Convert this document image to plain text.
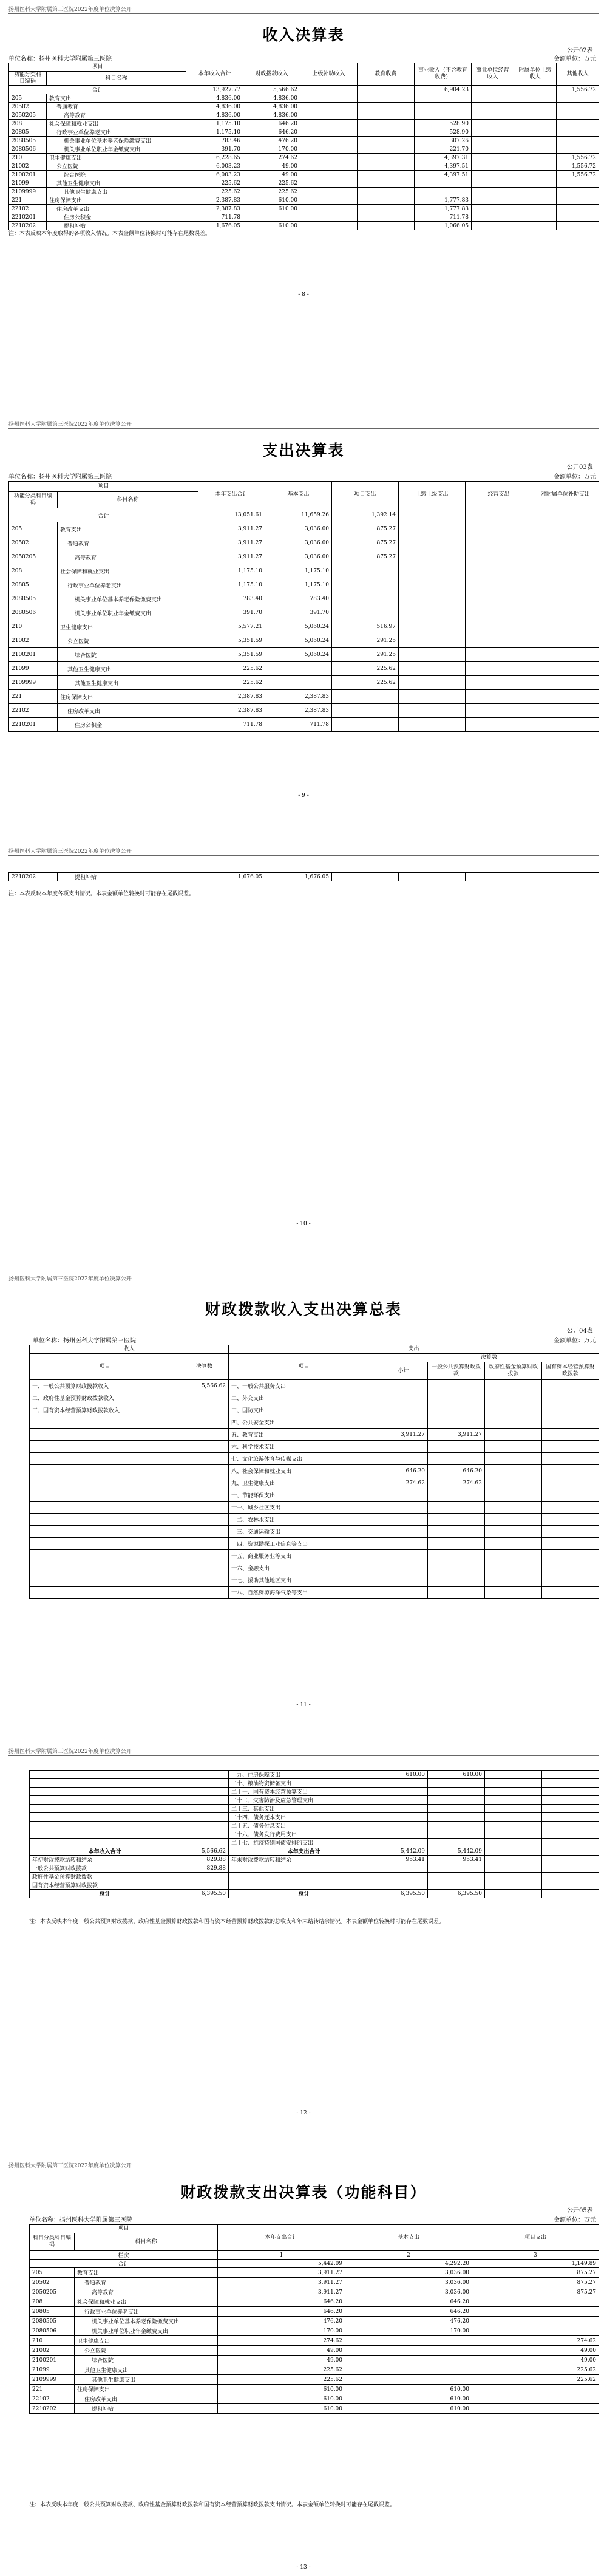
扬州医科大学附属第三医院2022年度单位决算公开
收入决算表
公开02表
单位名称：扬州医科大学附属第三医院	金额单位：万元
项目		本年收入合计	财政拨款收入	上级补助收入	教育收费	事业收入（不含教育收费）	事业单位经营收入	附属单位上缴收入	其他收入
功能分类科目编码	科目名称								
合计		13,927.77	5,566.62			6,904.23			1,556.72
205	教育支出	4,836.00	4,836.00						
20502	普通教育	4,836.00	4,836.00						
2050205	高等教育	4,836.00	4,836.00						
208	社会保障和就业支出	1,175.10	646.20			528.90			
20805	行政事业单位养老支出	1,175.10	646.20			528.90			
2080505	机关事业单位基本养老保险缴费支出	783.46	476.20			307.26			
2080506	机关事业单位职业年金缴费支出	391.70	170.00			221.70			
210	卫生健康支出	6,228.65	274.62			4,397.31			1,556.72
21002	公立医院	6,003.23	49.00			4,397.51			1,556.72
2100201	综合医院	6,003.23	49.00			4,397.51			1,556.72
21099	其他卫生健康支出	225.62	225.62						
2109999	其他卫生健康支出	225.62	225.62						
221	住房保障支出	2,387.83	610.00			1,777.83			
22102	住房改革支出	2,387.83	610.00			1,777.83			
2210201	住房公积金	711.78				711.78			
2210202	提租补贴	1,676.05	610.00			1,066.05			
注：本表反映本年度取得的各项收入情况。本表金额单位转换时可能存在尾数误差。
- 8 -
扬州医科大学附属第三医院2022年度单位决算公开
支出决算表
公开03表
单位名称：扬州医科大学附属第三医院	金额单位：万元
项目		本年支出合计	基本支出	项目支出	上缴上级支出	经营支出	对附属单位补助支出
功能分类科目编码	科目名称						
合计		13,051.61	11,659.26	1,392.14			
205	教育支出	3,911.27	3,036.00	875.27			
20502	普通教育	3,911.27	3,036.00	875.27			
2050205	高等教育	3,911.27	3,036.00	875.27			
208	社会保障和就业支出	1,175.10	1,175.10				
20805	行政事业单位养老支出	1,175.10	1,175.10				
2080505	机关事业单位基本养老保险缴费支出	783.40	783.40				
2080506	机关事业单位职业年金缴费支出	391.70	391.70				
210	卫生健康支出	5,577.21	5,060.24	516.97			
21002	公立医院	5,351.59	5,060.24	291.25			
2100201	综合医院	5,351.59	5,060.24	291.25			
21099	其他卫生健康支出	225.62		225.62			
2109999	其他卫生健康支出	225.62		225.62			
221	住房保障支出	2,387.83	2,387.83				
22102	住房改革支出	2,387.83	2,387.83				
2210201	住房公积金	711.78	711.78				
- 9 -
扬州医科大学附属第三医院2022年度单位决算公开
2210202	提租补贴	1,676.05	1,676.05				
注：本表反映本年度各项支出情况。本表金额单位转换时可能存在尾数误差。
- 10 -
扬州医科大学附属第三医院2022年度单位决算公开
财政拨款收入支出决算总表
公开04表
单位名称：扬州医科大学附属第三医院	金额单位：万元
收入		支出				
项目	决算数	项目	决算数			
			小计	一般公共预算财政拨款	政府性基金预算财政拨款	国有资本经营预算财政拨款
一、一般公共预算财政拨款收入	5,566.62	一、一般公共服务支出				
二、政府性基金预算财政拨款收入		二、外交支出				
三、国有资本经营预算财政拨款收入		三、国防支出				
		四、公共安全支出				
		五、教育支出	3,911.27	3,911.27		
		六、科学技术支出				
		七、文化旅游体育与传媒支出				
		八、社会保障和就业支出	646.20	646.20		
		九、卫生健康支出	274.62	274.62		
		十、节能环保支出				
		十一、城乡社区支出				
		十二、农林水支出				
		十三、交通运输支出				
		十四、资源勘探工业信息等支出				
		十五、商业服务业等支出				
		十六、金融支出				
		十七、援助其他地区支出				
		十八、自然资源海洋气象等支出				
- 11 -
扬州医科大学附属第三医院2022年度单位决算公开
		十九、住房保障支出	610.00	610.00		
		二十、粮油物资储备支出				
		二十一、国有资本经营预算支出				
		二十二、灾害防治及应急管理支出				
		二十三、其他支出				
		二十四、债务还本支出				
		二十五、债务付息支出				
		二十六、债务发行费用支出				
		二十七、抗疫特别国债安排的支出				
本年收入合计	5,566.62	本年支出合计	5,442.09	5,442.09		
年初财政拨款结转和结余	829.88	年末财政拨款结转和结余	953.41	953.41		
一般公共预算财政拨款	829.88					
政府性基金预算财政拨款						
国有资本经营预算财政拨款						
总计	6,395.50	总计	6,395.50	6,395.50		
注：本表反映本年度一般公共预算财政拨款、政府性基金预算财政拨款和国有资本经营预算财政拨款的总收支和年末结转结余情况。本表金额单位转换时可能存在尾数误差。
- 12 -
扬州医科大学附属第三医院2022年度单位决算公开
财政拨款支出决算表（功能科目）
公开05表
单位名称：扬州医科大学附属第三医院	金额单位：万元
项目		本年支出合计	基本支出	项目支出
科目分类科目编码	科目名称			
栏次		1	2	3
合计		5,442.09	4,292.20	1,149.89
205	教育支出	3,911.27	3,036.00	875.27
20502	普通教育	3,911.27	3,036.00	875.27
2050205	高等教育	3,911.27	3,036.00	875.27
208	社会保障和就业支出	646.20	646.20	
20805	行政事业单位养老支出	646.20	646.20	
2080505	机关事业单位基本养老保险缴费支出	476.20	476.20	
2080506	机关事业单位职业年金缴费支出	170.00	170.00	
210	卫生健康支出	274.62		274.62
21002	公立医院	49.00		49.00
2100201	综合医院	49.00		49.00
21099	其他卫生健康支出	225.62		225.62
2109999	其他卫生健康支出	225.62		225.62
221	住房保障支出	610.00	610.00	
22102	住房改革支出	610.00	610.00	
2210202	提租补贴	610.00	610.00	
注：本表反映本年度一般公共预算财政拨款、政府性基金预算财政拨款和国有资本经营预算财政拨款支出情况。本表金额单位转换时可能存在尾数误差。
- 13 -
